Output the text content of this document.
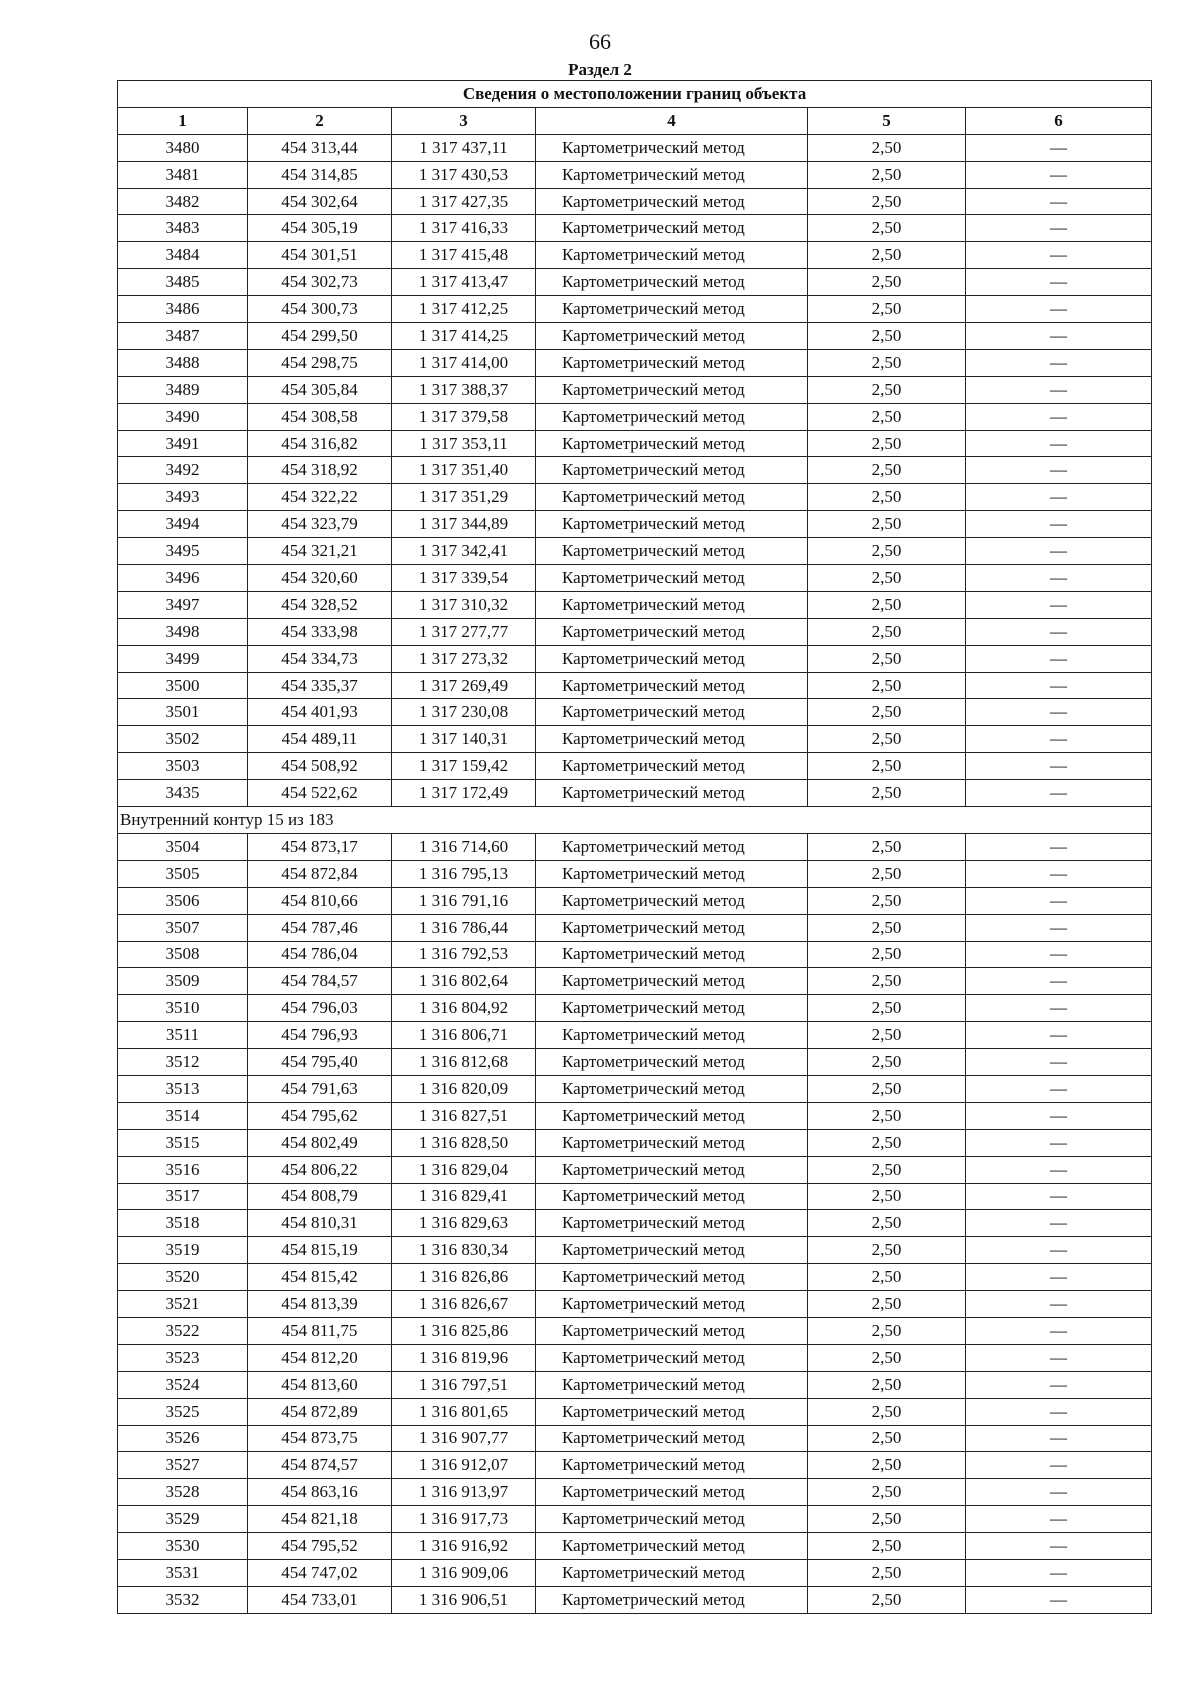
66
Раздел 2
Сведения о местоположении границ объекта					
1	2	3	4	5	6
3480	454 313,44	1 317 437,11	Картометрический метод	2,50	—
3481	454 314,85	1 317 430,53	Картометрический метод	2,50	—
3482	454 302,64	1 317 427,35	Картометрический метод	2,50	—
3483	454 305,19	1 317 416,33	Картометрический метод	2,50	—
3484	454 301,51	1 317 415,48	Картометрический метод	2,50	—
3485	454 302,73	1 317 413,47	Картометрический метод	2,50	—
3486	454 300,73	1 317 412,25	Картометрический метод	2,50	—
3487	454 299,50	1 317 414,25	Картометрический метод	2,50	—
3488	454 298,75	1 317 414,00	Картометрический метод	2,50	—
3489	454 305,84	1 317 388,37	Картометрический метод	2,50	—
3490	454 308,58	1 317 379,58	Картометрический метод	2,50	—
3491	454 316,82	1 317 353,11	Картометрический метод	2,50	—
3492	454 318,92	1 317 351,40	Картометрический метод	2,50	—
3493	454 322,22	1 317 351,29	Картометрический метод	2,50	—
3494	454 323,79	1 317 344,89	Картометрический метод	2,50	—
3495	454 321,21	1 317 342,41	Картометрический метод	2,50	—
3496	454 320,60	1 317 339,54	Картометрический метод	2,50	—
3497	454 328,52	1 317 310,32	Картометрический метод	2,50	—
3498	454 333,98	1 317 277,77	Картометрический метод	2,50	—
3499	454 334,73	1 317 273,32	Картометрический метод	2,50	—
3500	454 335,37	1 317 269,49	Картометрический метод	2,50	—
3501	454 401,93	1 317 230,08	Картометрический метод	2,50	—
3502	454 489,11	1 317 140,31	Картометрический метод	2,50	—
3503	454 508,92	1 317 159,42	Картометрический метод	2,50	—
3435	454 522,62	1 317 172,49	Картометрический метод	2,50	—
Внутренний контур 15 из 183					
3504	454 873,17	1 316 714,60	Картометрический метод	2,50	—
3505	454 872,84	1 316 795,13	Картометрический метод	2,50	—
3506	454 810,66	1 316 791,16	Картометрический метод	2,50	—
3507	454 787,46	1 316 786,44	Картометрический метод	2,50	—
3508	454 786,04	1 316 792,53	Картометрический метод	2,50	—
3509	454 784,57	1 316 802,64	Картометрический метод	2,50	—
3510	454 796,03	1 316 804,92	Картометрический метод	2,50	—
3511	454 796,93	1 316 806,71	Картометрический метод	2,50	—
3512	454 795,40	1 316 812,68	Картометрический метод	2,50	—
3513	454 791,63	1 316 820,09	Картометрический метод	2,50	—
3514	454 795,62	1 316 827,51	Картометрический метод	2,50	—
3515	454 802,49	1 316 828,50	Картометрический метод	2,50	—
3516	454 806,22	1 316 829,04	Картометрический метод	2,50	—
3517	454 808,79	1 316 829,41	Картометрический метод	2,50	—
3518	454 810,31	1 316 829,63	Картометрический метод	2,50	—
3519	454 815,19	1 316 830,34	Картометрический метод	2,50	—
3520	454 815,42	1 316 826,86	Картометрический метод	2,50	—
3521	454 813,39	1 316 826,67	Картометрический метод	2,50	—
3522	454 811,75	1 316 825,86	Картометрический метод	2,50	—
3523	454 812,20	1 316 819,96	Картометрический метод	2,50	—
3524	454 813,60	1 316 797,51	Картометрический метод	2,50	—
3525	454 872,89	1 316 801,65	Картометрический метод	2,50	—
3526	454 873,75	1 316 907,77	Картометрический метод	2,50	—
3527	454 874,57	1 316 912,07	Картометрический метод	2,50	—
3528	454 863,16	1 316 913,97	Картометрический метод	2,50	—
3529	454 821,18	1 316 917,73	Картометрический метод	2,50	—
3530	454 795,52	1 316 916,92	Картометрический метод	2,50	—
3531	454 747,02	1 316 909,06	Картометрический метод	2,50	—
3532	454 733,01	1 316 906,51	Картометрический метод	2,50	—
